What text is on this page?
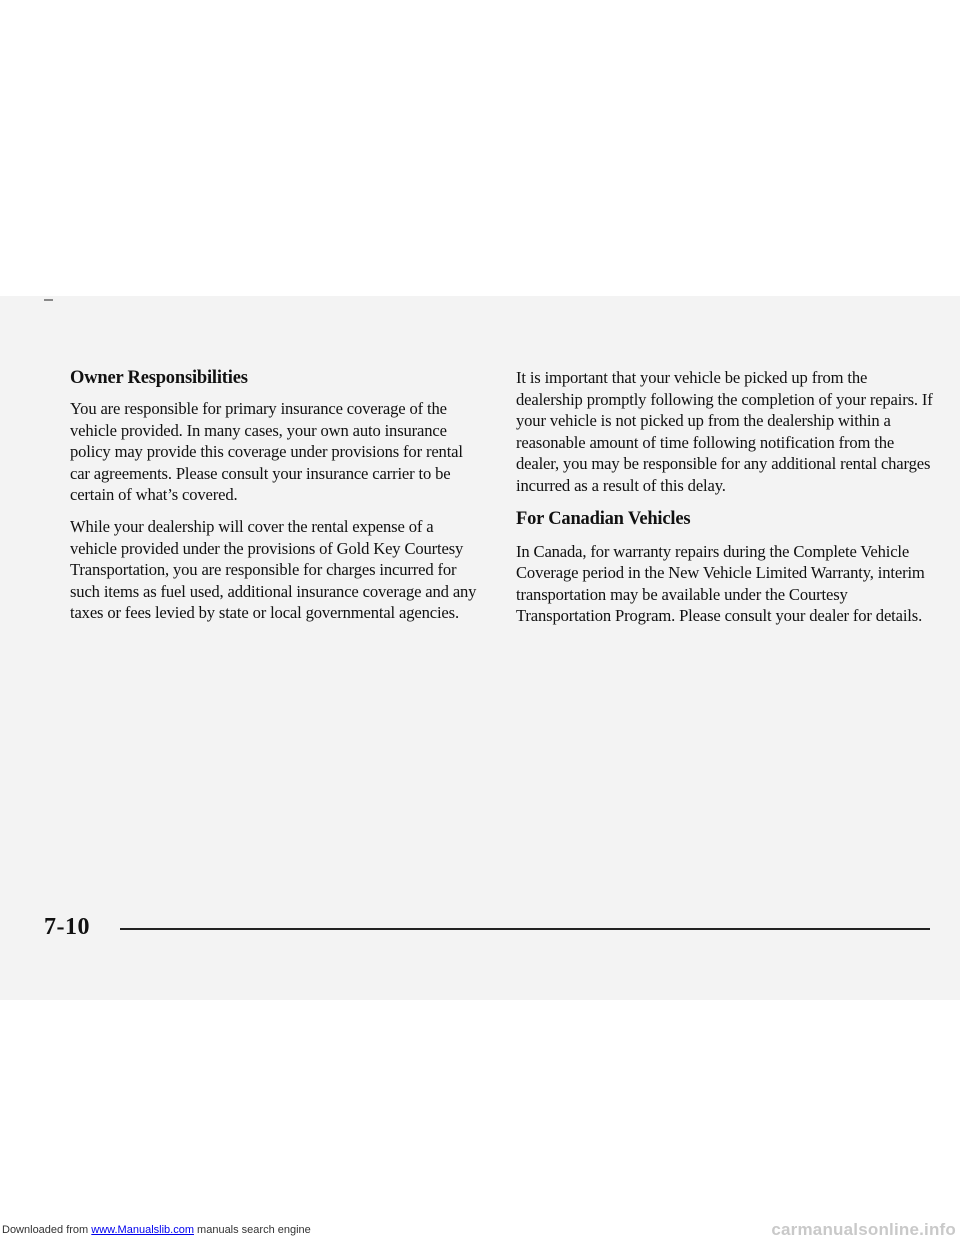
Owner Responsibilities

You are responsible for primary insurance coverage of the vehicle provided. In many cases, your own auto insurance policy may provide this coverage under provisions for rental car agreements. Please consult your insurance carrier to be certain of what’s covered.

While your dealership will cover the rental expense of a vehicle provided under the provisions of Gold Key Courtesy Transportation, you are responsible for charges incurred for such items as fuel used, additional insurance coverage and any taxes or fees levied by state or local governmental agencies.

It is important that your vehicle be picked up from the dealership promptly following the completion of your repairs. If your vehicle is not picked up from the dealership within a reasonable amount of time following notification from the dealer, you may be responsible for any additional rental charges incurred as a result of this delay.

For Canadian Vehicles

In Canada, for warranty repairs during the Complete Vehicle Coverage period in the New Vehicle Limited Warranty, interim transportation may be available under the Courtesy Transportation Program. Please consult your dealer for details.

7-10
Downloaded from www.Manualslib.com manuals search engine	carmanualsonline.info
